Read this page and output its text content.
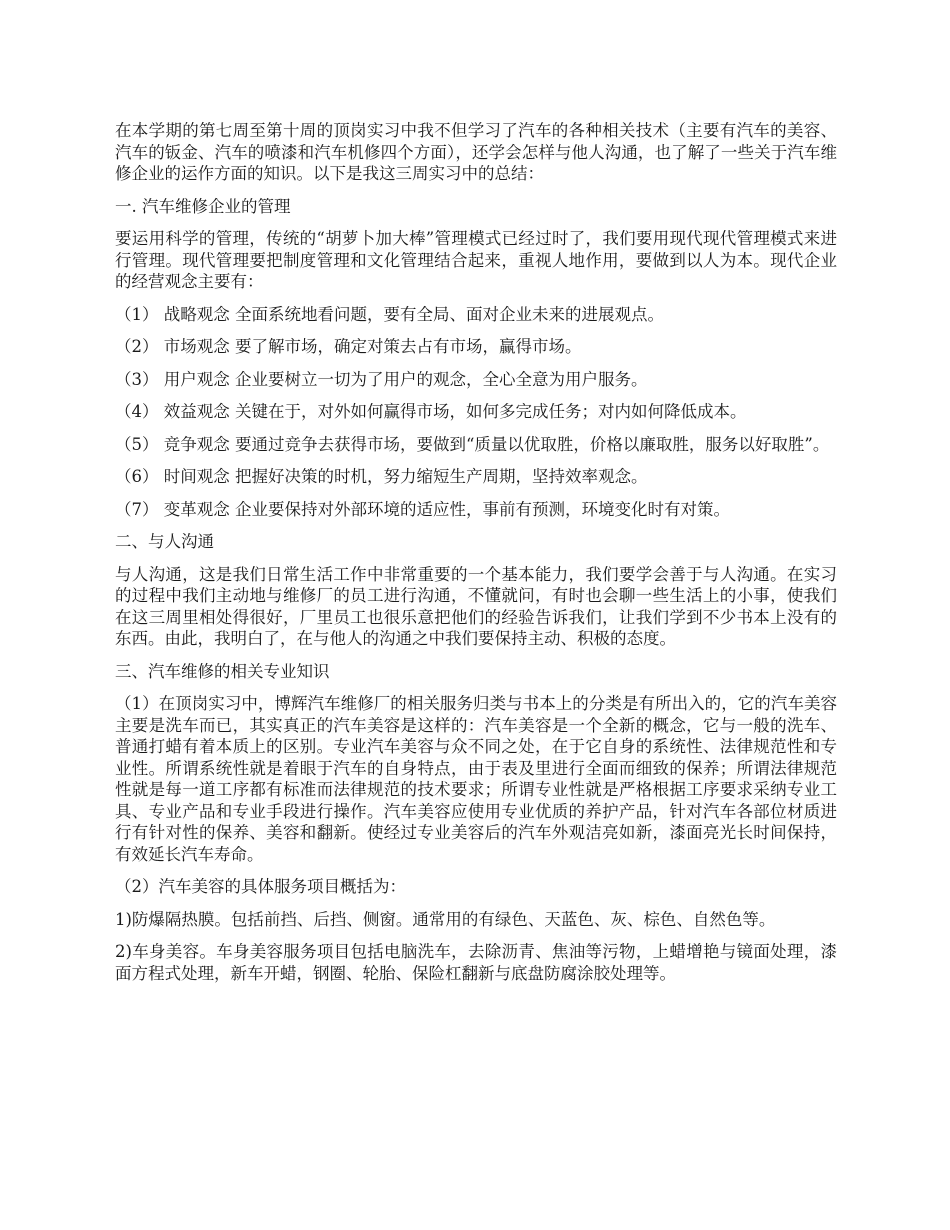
在本学期的第七周至第十周的顶岗实习中我不但学习了汽车的各种相关技术（主要有汽车的美容、汽车的钣金、汽车的喷漆和汽车机修四个方面），还学会怎样与他人沟通，也了解了一些关于汽车维修企业的运作方面的知识。以下是我这三周实习中的总结：

一. 汽车维修企业的管理

要运用科学的管理，传统的“胡萝卜加大棒”管理模式已经过时了，我们要用现代现代管理模式来进行管理。现代管理要把制度管理和文化管理结合起来，重视人地作用，要做到以人为本。现代企业的经营观念主要有：

（1） 战略观念 全面系统地看问题，要有全局、面对企业未来的进展观点。

（2） 市场观念 要了解市场，确定对策去占有市场，赢得市场。

（3） 用户观念 企业要树立一切为了用户的观念，全心全意为用户服务。

（4） 效益观念 关键在于，对外如何赢得市场，如何多完成任务；对内如何降低成本。

（5） 竞争观念 要通过竞争去获得市场，要做到“质量以优取胜，价格以廉取胜，服务以好取胜”。

（6） 时间观念 把握好决策的时机，努力缩短生产周期，坚持效率观念。

（7） 变革观念 企业要保持对外部环境的适应性，事前有预测，环境变化时有对策。

二、与人沟通

与人沟通，这是我们日常生活工作中非常重要的一个基本能力，我们要学会善于与人沟通。在实习的过程中我们主动地与维修厂的员工进行沟通，不懂就问，有时也会聊一些生活上的小事，使我们在这三周里相处得很好，厂里员工也很乐意把他们的经验告诉我们，让我们学到不少书本上没有的东西。由此，我明白了，在与他人的沟通之中我们要保持主动、积极的态度。

三、汽车维修的相关专业知识

（1）在顶岗实习中，博辉汽车维修厂的相关服务归类与书本上的分类是有所出入的，它的汽车美容主要是洗车而已，其实真正的汽车美容是这样的：汽车美容是一个全新的概念，它与一般的洗车、普通打蜡有着本质上的区别。专业汽车美容与众不同之处，在于它自身的系统性、法律规范性和专业性。所谓系统性就是着眼于汽车的自身特点，由于表及里进行全面而细致的保养；所谓法律规范性就是每一道工序都有标准而法律规范的技术要求；所谓专业性就是严格根据工序要求采纳专业工具、专业产品和专业手段进行操作。汽车美容应使用专业优质的养护产品，针对汽车各部位材质进行有针对性的保养、美容和翻新。使经过专业美容后的汽车外观洁亮如新，漆面亮光长时间保持，有效延长汽车寿命。

（2）汽车美容的具体服务项目概括为：

1)防爆隔热膜。包括前挡、后挡、侧窗。通常用的有绿色、天蓝色、灰、棕色、自然色等。

2)车身美容。车身美容服务项目包括电脑洗车，去除沥青、焦油等污物，上蜡增艳与镜面处理，漆面方程式处理，新车开蜡，钢圈、轮胎、保险杠翻新与底盘防腐涂胶处理等。
